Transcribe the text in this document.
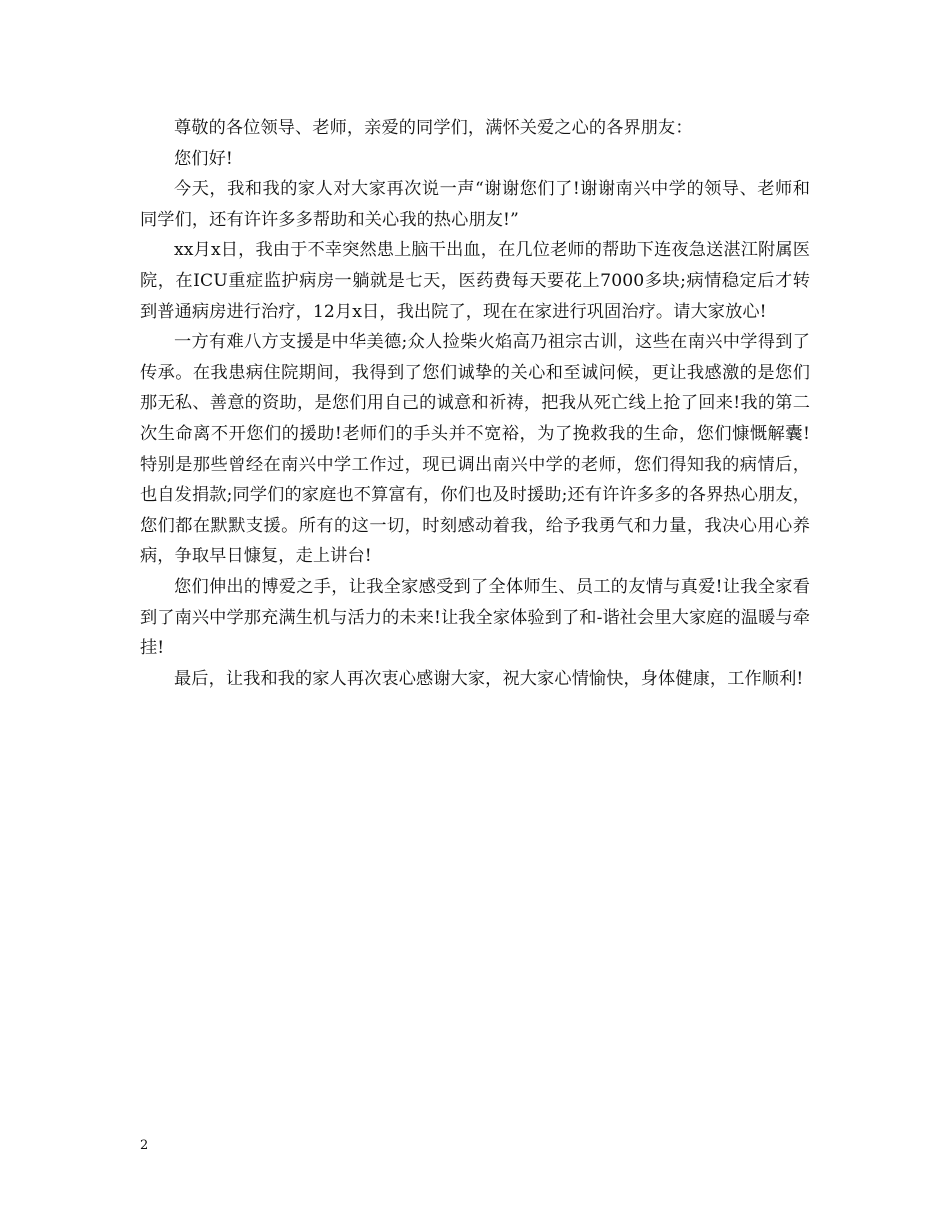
尊敬的各位领导、老师，亲爱的同学们，满怀关爱之心的各界朋友：

您们好!

今天，我和我的家人对大家再次说一声“谢谢您们了!谢谢南兴中学的领导、老师和同学们，还有许许多多帮助和关心我的热心朋友!”

xx月x日，我由于不幸突然患上脑干出血，在几位老师的帮助下连夜急送湛江附属医院，在ICU重症监护病房一躺就是七天，医药费每天要花上7000多块;病情稳定后才转到普通病房进行治疗，12月x日，我出院了，现在在家进行巩固治疗。请大家放心!

一方有难八方支援是中华美德;众人捡柴火焰高乃祖宗古训，这些在南兴中学得到了传承。在我患病住院期间，我得到了您们诚挚的关心和至诚问候，更让我感激的是您们那无私、善意的资助，是您们用自己的诚意和祈祷，把我从死亡线上抢了回来!我的第二次生命离不开您们的援助!老师们的手头并不宽裕，为了挽救我的生命，您们慷慨解囊!特别是那些曾经在南兴中学工作过，现已调出南兴中学的老师，您们得知我的病情后，也自发捐款;同学们的家庭也不算富有，你们也及时援助;还有许许多多的各界热心朋友，您们都在默默支援。所有的这一切，时刻感动着我，给予我勇气和力量，我决心用心养病，争取早日慷复，走上讲台!

您们伸出的博爱之手，让我全家感受到了全体师生、员工的友情与真爱!让我全家看到了南兴中学那充满生机与活力的未来!让我全家体验到了和-谐社会里大家庭的温暖与牵挂!

最后，让我和我的家人再次衷心感谢大家，祝大家心情愉快，身体健康，工作顺利!

2
